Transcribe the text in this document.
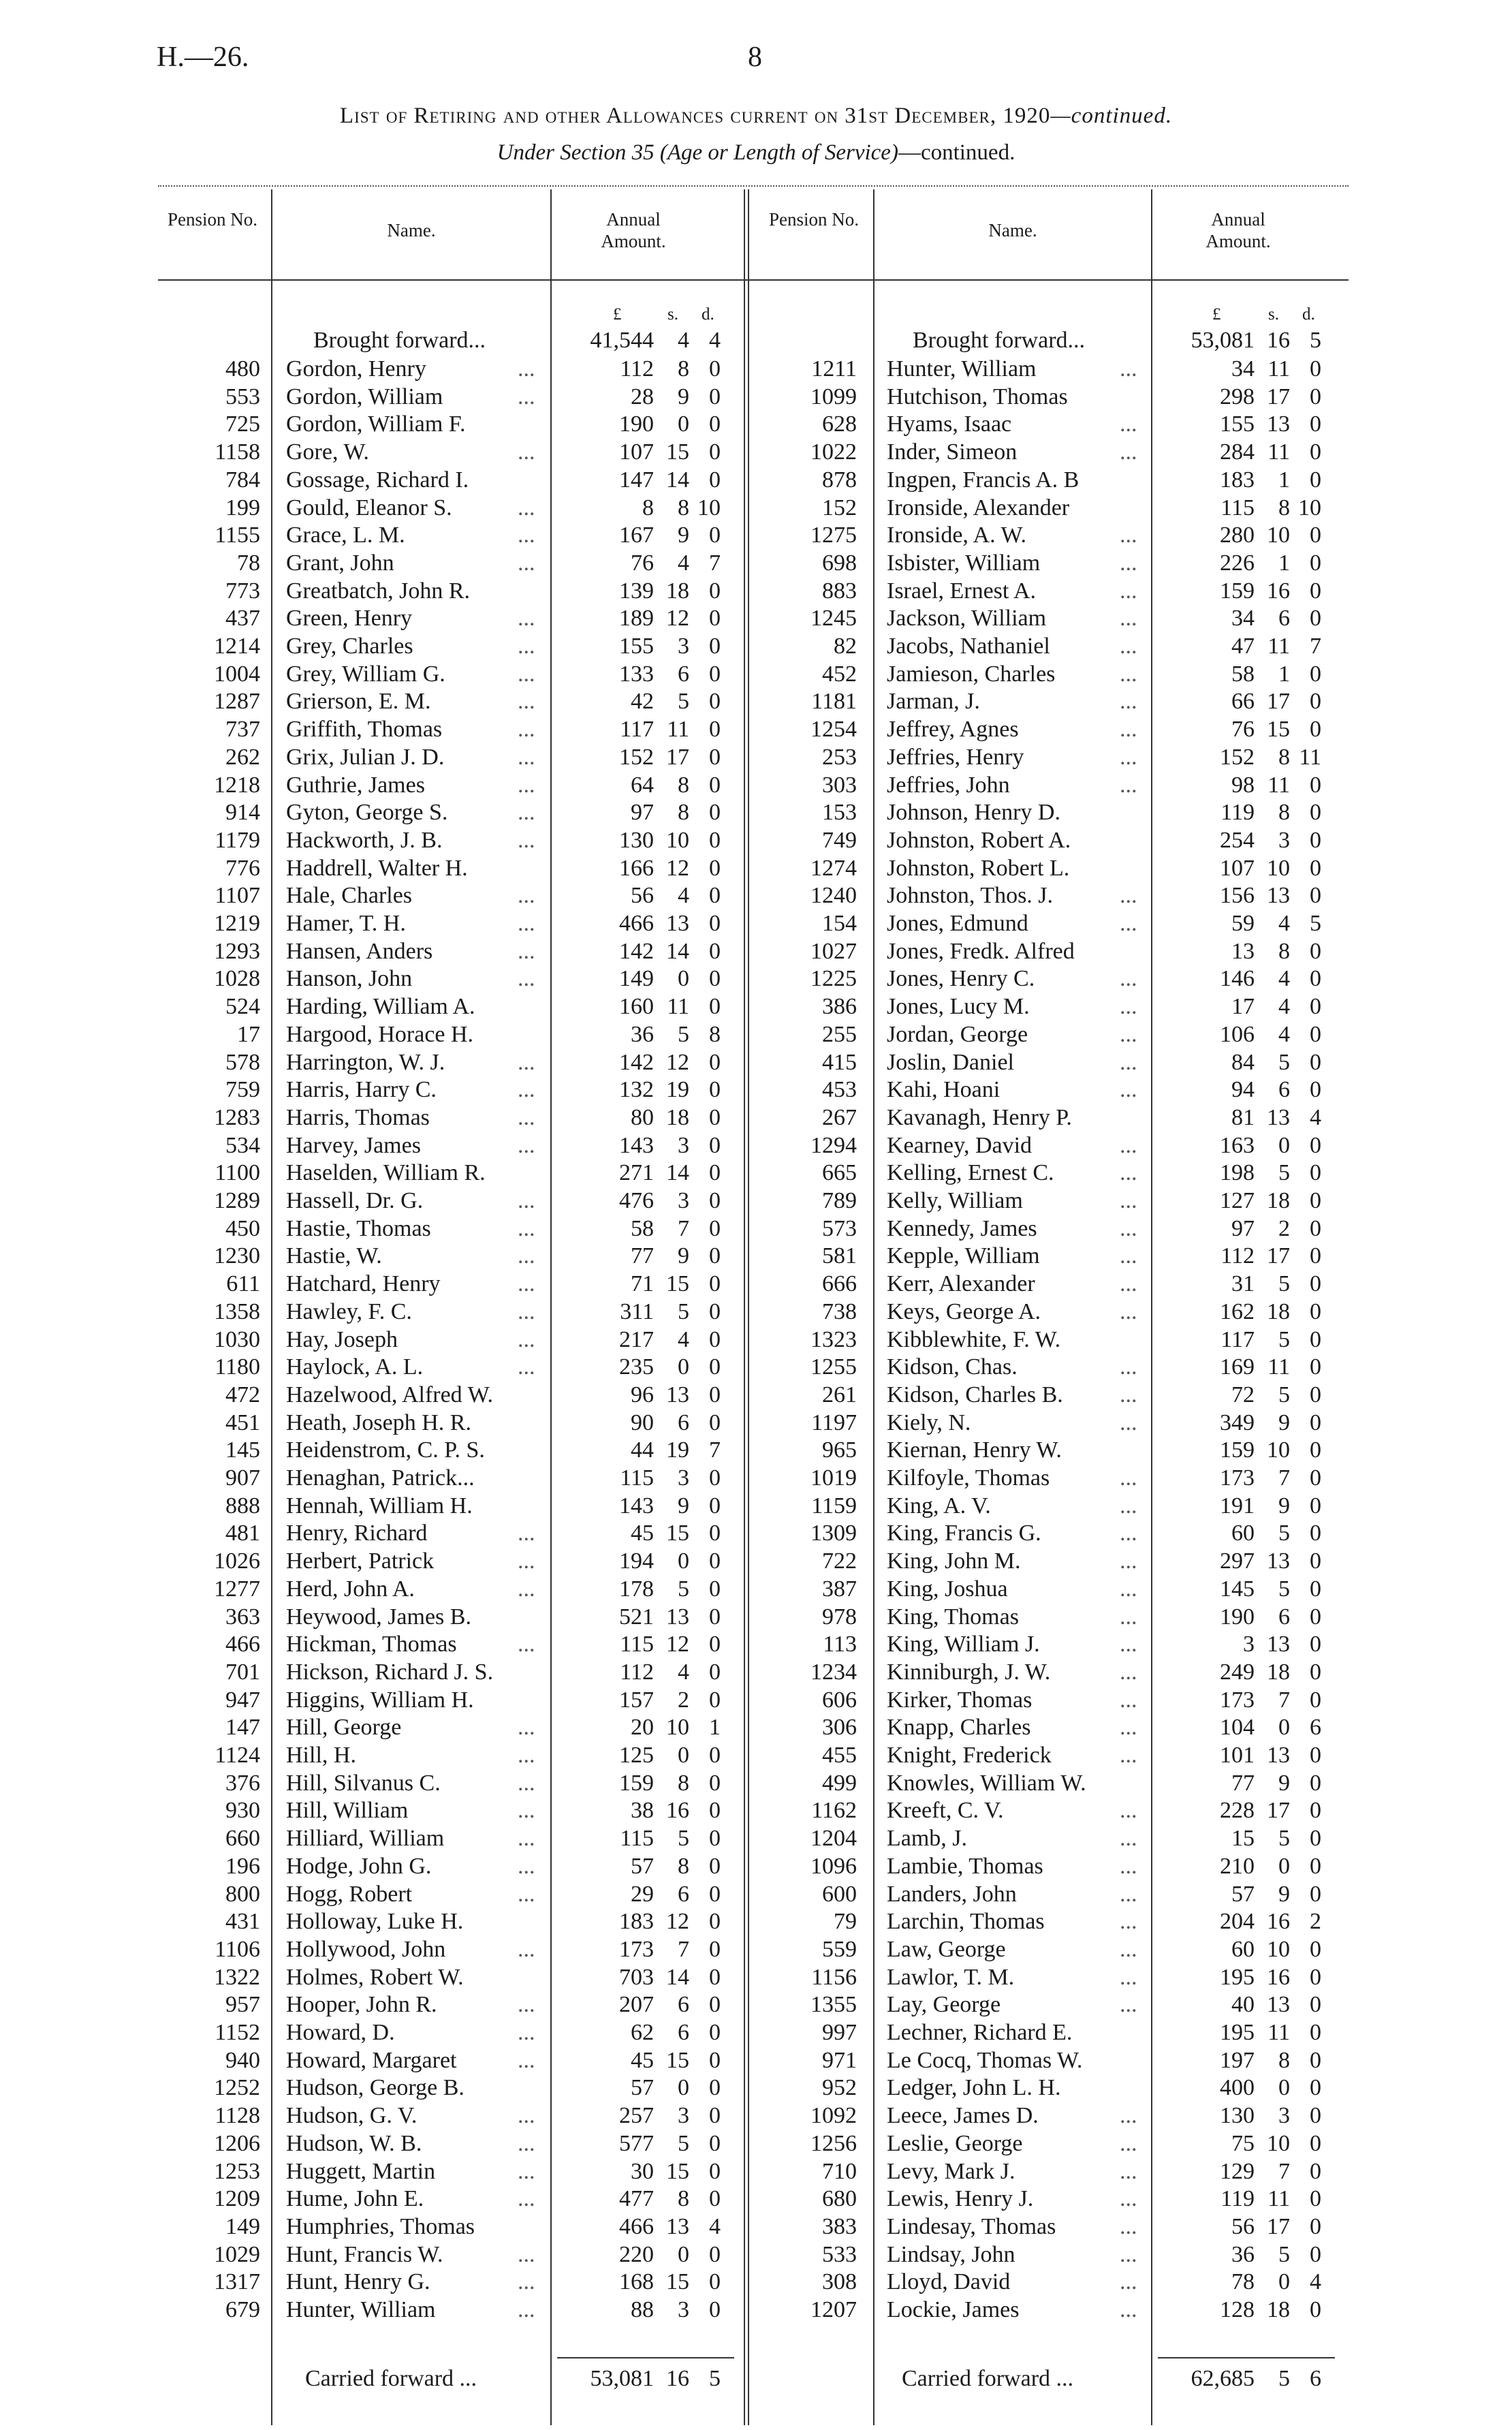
H.—26.	8
List of Retiring and other Allowances current on 31st December, 1920—continued.
Under Section 35 (Age or Length of Service)—continued.
Pension No.
Name.
Annual Amount.
Pension No.
Name.
Annual Amount.
£	s. d.	£	s. d.
Brought forward...	41,544	4 4	Brought forward...	53,081 16 5
480 Gordon, Henry	...	112	8 0
553 Gordon, William	...	28	9 0
725 Gordon, William F.	190	0 0
1158 Gore, W.	...	107 15 0
784 Gossage, Richard I.	147 14 0
199 Gould, Eleanor S.	...	8	8 10
1155 Grace, L. M.	...	167	9 0
78 Grant, John	...	76	4 7
773 Greatbatch, John R.	139 18 0
437 Green, Henry	...	189 12 0
1214 Grey, Charles	...	155	3 0
1004 Grey, William G.	...	133	6 0
1287 Grierson, E. M.	...	42	5 0
737 Griffith, Thomas	...	117 11 0
262 Grix, Julian J. D.	...	152 17 0
1218 Guthrie, James	...	64	8 0
914 Gyton, George S.	...	97	8 0
1179 Hackworth, J. B.	...	130 10 0
776 Haddrell, Walter H.	166 12 0
1107 Hale, Charles	...	56	4 0
1219 Hamer, T. H.	...	466 13 0
1293 Hansen, Anders	...	142 14 0
1028 Hanson, John	...	149	0 0
524 Harding, William A.	160 11 0
17 Hargood, Horace H.	36	5 8
578 Harrington, W. J.	...	142 12 0
759 Harris, Harry C.	...	132 19 0
1283 Harris, Thomas	...	80 18 0
534 Harvey, James	...	143	3 0
1100 Haselden, William R.	271 14 0
1289 Hassell, Dr. G.	...	476	3 0
450 Hastie, Thomas	...	58	7 0
1230 Hastie, W.	...	77	9 0
611 Hatchard, Henry	...	71 15 0
1358 Hawley, F. C.	...	311	5 0
1030 Hay, Joseph	...	217	4 0
1180 Haylock, A. L.	...	235	0 0
472 Hazelwood, Alfred W.	96 13 0
451 Heath, Joseph H. R.	90	6 0
145 Heidenstrom, C. P. S.	44 19 7
907 Henaghan, Patrick...	115	3 0
888 Hennah, William H.	143	9 0
481 Henry, Richard	...	45 15 0
1026 Herbert, Patrick	...	194	0 0
1277 Herd, John A.	...	178	5 0
363 Heywood, James B.	521 13 0
466 Hickman, Thomas	...	115 12 0
701 Hickson, Richard J. S.	112	4 0
947 Higgins, William H.	157	2 0
147 Hill, George	...	20 10 1
1124 Hill, H.	...	125	0 0
376 Hill, Silvanus C.	...	159	8 0
930 Hill, William	...	38 16 0
660 Hilliard, William	...	115	5 0
196 Hodge, John G.	...	57	8 0
800 Hogg, Robert	...	29	6 0
431 Holloway, Luke H.	183 12 0
1106 Hollywood, John	...	173	7 0
1322 Holmes, Robert W.	703 14 0
957 Hooper, John R.	...	207	6 0
1152 Howard, D.	...	62	6 0
940 Howard, Margaret	...	45 15 0
1252 Hudson, George B.	57	0 0
1128 Hudson, G. V.	...	257	3 0
1206 Hudson, W. B.	...	577	5 0
1253 Huggett, Martin	...	30 15 0
1209 Hume, John E.	...	477	8 0
149 Humphries, Thomas	466 13 4
1029 Hunt, Francis W.	...	220	0 0
1317 Hunt, Henry G.	...	168 15 0
679 Hunter, William	...	88	3 0
1211 Hunter, William	...	34 11 0
1099 Hutchison, Thomas	298 17 0
628 Hyams, Isaac	...	155 13 0
1022 Inder, Simeon	...	284 11 0
878 Ingpen, Francis A. B	183	1 0
152 Ironside, Alexander	115	8 10
1275 Ironside, A. W.	...	280 10 0
698 Isbister, William	...	226	1 0
883 Israel, Ernest A.	...	159 16 0
1245 Jackson, William	...	34	6 0
82 Jacobs, Nathaniel	...	47 11 7
452 Jamieson, Charles	...	58	1 0
1181 Jarman, J.	...	66 17 0
1254 Jeffrey, Agnes	...	76 15 0
253 Jeffries, Henry	...	152	8 11
303 Jeffries, John	...	98 11 0
153 Johnson, Henry D.	119	8 0
749 Johnston, Robert A.	254	3 0
1274 Johnston, Robert L.	107 10 0
1240 Johnston, Thos. J.	...	156 13 0
154 Jones, Edmund	...	59	4 5
1027 Jones, Fredk. Alfred	13	8 0
1225 Jones, Henry C.	...	146	4 0
386 Jones, Lucy M.	...	17	4 0
255 Jordan, George	...	106	4 0
415 Joslin, Daniel	...	84	5 0
453 Kahi, Hoani	...	94	6 0
267 Kavanagh, Henry P.	81 13 4
1294 Kearney, David	...	163	0 0
665 Kelling, Ernest C.	...	198	5 0
789 Kelly, William	...	127 18 0
573 Kennedy, James	...	97	2 0
581 Kepple, William	...	112 17 0
666 Kerr, Alexander	...	31	5 0
738 Keys, George A.	...	162 18 0
1323 Kibblewhite, F. W.	117	5 0
1255 Kidson, Chas.	...	169 11 0
261 Kidson, Charles B. ...	72	5 0
1197 Kiely, N.	...	349	9 0
965 Kiernan, Henry W.	159 10 0
1019 Kilfoyle, Thomas	...	173	7 0
1159 King, A. V.	...	191	9 0
1309 King, Francis G.	...	60	5 0
722 King, John M.	...	297 13 0
387 King, Joshua	...	145	5 0
978 King, Thomas	...	190	6 0
113 King, William J.	...	3 13 0
1234 Kinniburgh, J. W.	...	249 18 0
606 Kirker, Thomas	...	173	7 0
306 Knapp, Charles	...	104	0 6
455 Knight, Frederick	...	101 13 0
499 Knowles, William W.	77	9 0
1162 Kreeft, C. V.	...	228 17 0
1204 Lamb, J.	...	15	5 0
1096 Lambie, Thomas	...	210	0 0
600 Landers, John	...	57	9 0
79 Larchin, Thomas	...	204 16 2
559 Law, George	...	60 10 0
1156 Lawlor, T. M.	...	195 16 0
1355 Lay, George	...	40 13 0
997 Lechner, Richard E.	195 11 0
971 Le Cocq, Thomas W.	197	8 0
952 Ledger, John L. H.	400	0 0
1092 Leece, James D.	...	130	3 0
1256 Leslie, George	...	75 10 0
710 Levy, Mark J.	...	129	7 0
680 Lewis, Henry J.	...	119 11 0
383 Lindesay, Thomas	...	56 17 0
533 Lindsay, John	...	36	5 0
308 Lloyd, David	...	78	0 4
1207 Lockie, James	...	128 18 0
Carried forward ...	53,081 16 5	Carried forward ...	62,685	5 6
